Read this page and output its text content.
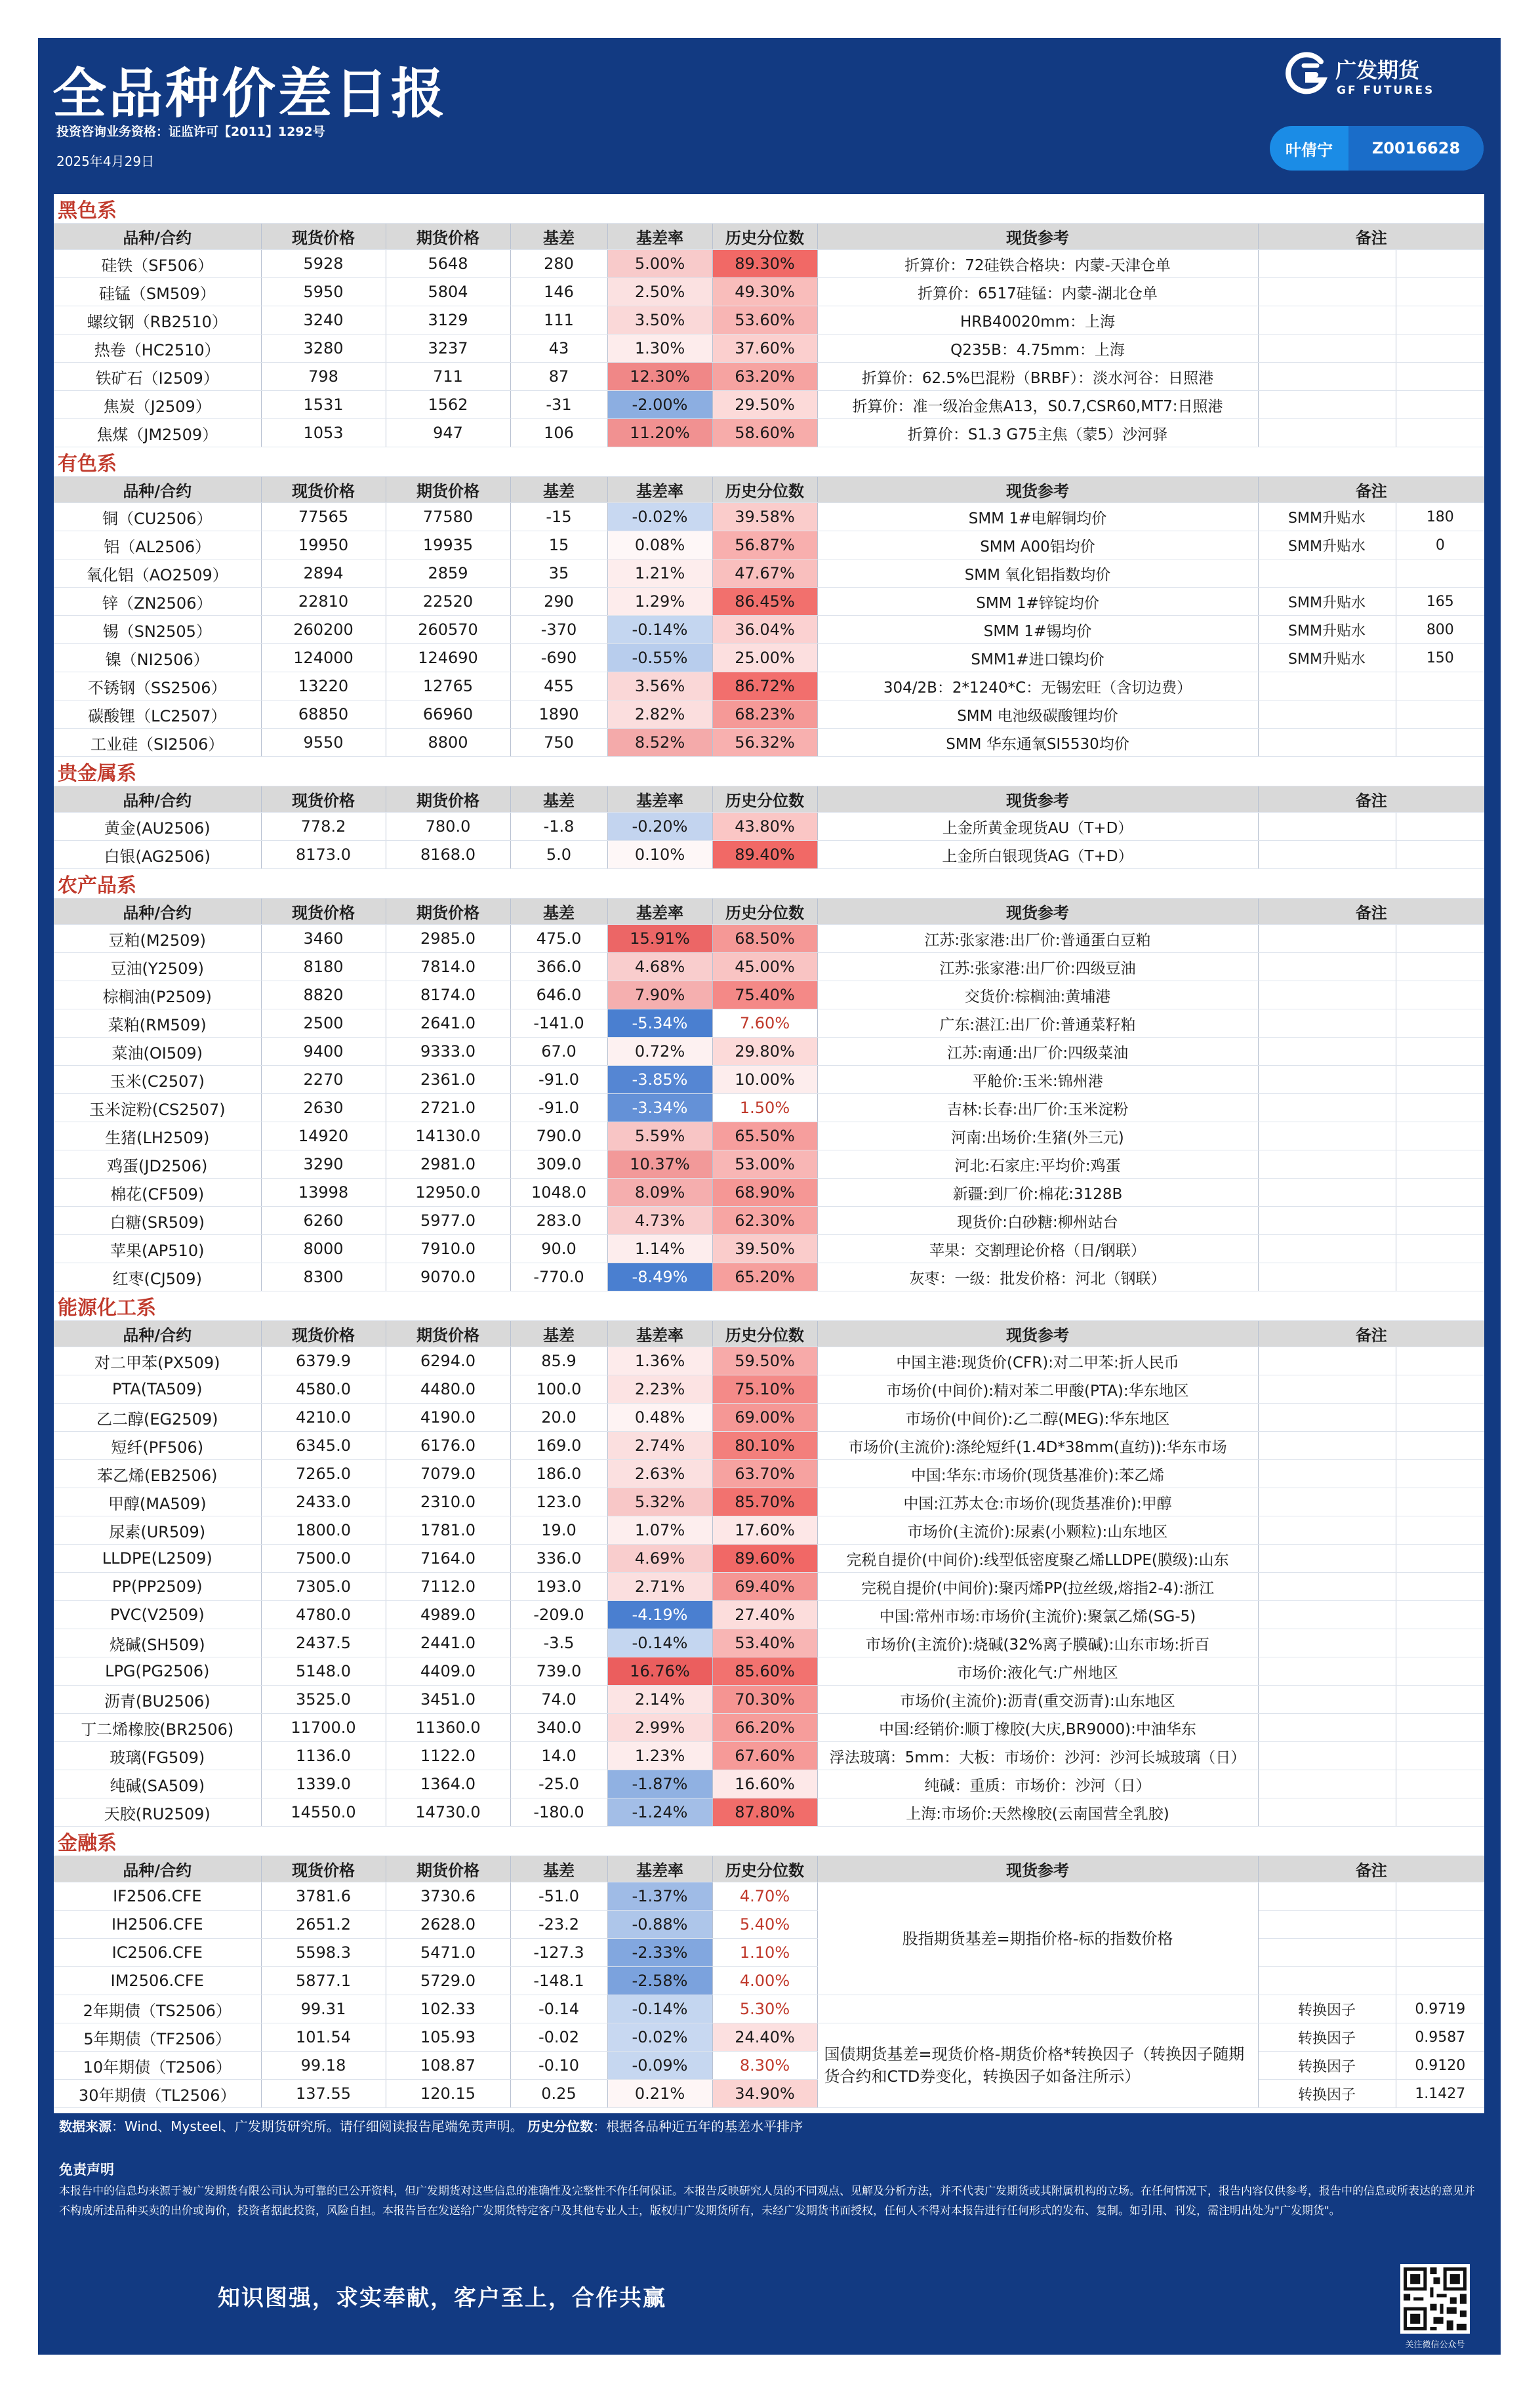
全品种价差日报
投资咨询业务资格：证监许可【2011】1292号
2025年4月29日
广发期货
GF FUTURES
叶倩宁	Z0016628
黑色系								
品种/合约	现货价格	期货价格	基差	基差率	历史分位数	现货参考	备注	
硅铁（SF506）	5928	5648	280	5.00%	89.30%	折算价：72硅铁合格块：内蒙-天津仓单		
硅锰（SM509）	5950	5804	146	2.50%	49.30%	折算价：6517硅锰：内蒙-湖北仓单		
螺纹钢（RB2510）	3240	3129	111	3.50%	53.60%	HRB40020mm：上海		
热卷（HC2510）	3280	3237	43	1.30%	37.60%	Q235B：4.75mm：上海		
铁矿石（I2509）	798	711	87	12.30%	63.20%	折算价：62.5%巴混粉（BRBF）：淡水河谷：日照港		
焦炭（J2509）	1531	1562	-31	-2.00%	29.50%	折算价：准一级冶金焦A13，S0.7,CSR60,MT7:日照港		
焦煤（JM2509）	1053	947	106	11.20%	58.60%	折算价：S1.3 G75主焦（蒙5）沙河驿		
有色系								
品种/合约	现货价格	期货价格	基差	基差率	历史分位数	现货参考	备注	
铜（CU2506）	77565	77580	-15	-0.02%	39.58%	SMM 1#电解铜均价	SMM升贴水	180
铝（AL2506）	19950	19935	15	0.08%	56.87%	SMM A00铝均价	SMM升贴水	0
氧化铝（AO2509）	2894	2859	35	1.21%	47.67%	SMM 氧化铝指数均价		
锌（ZN2506）	22810	22520	290	1.29%	86.45%	SMM 1#锌锭均价	SMM升贴水	165
锡（SN2505）	260200	260570	-370	-0.14%	36.04%	SMM 1#锡均价	SMM升贴水	800
镍（NI2506）	124000	124690	-690	-0.55%	25.00%	SMM1#进口镍均价	SMM升贴水	150
不锈钢（SS2506）	13220	12765	455	3.56%	86.72%	304/2B：2*1240*C：无锡宏旺（含切边费）		
碳酸锂（LC2507）	68850	66960	1890	2.82%	68.23%	SMM 电池级碳酸锂均价		
工业硅（SI2506）	9550	8800	750	8.52%	56.32%	SMM 华东通氧SI5530均价		
贵金属系								
品种/合约	现货价格	期货价格	基差	基差率	历史分位数	现货参考	备注	
黄金(AU2506)	778.2	780.0	-1.8	-0.20%	43.80%	上金所黄金现货AU（T+D）		
白银(AG2506)	8173.0	8168.0	5.0	0.10%	89.40%	上金所白银现货AG（T+D）		
农产品系								
品种/合约	现货价格	期货价格	基差	基差率	历史分位数	现货参考	备注	
豆粕(M2509)	3460	2985.0	475.0	15.91%	68.50%	江苏:张家港:出厂价:普通蛋白豆粕		
豆油(Y2509)	8180	7814.0	366.0	4.68%	45.00%	江苏:张家港:出厂价:四级豆油		
棕榈油(P2509)	8820	8174.0	646.0	7.90%	75.40%	交货价:棕榈油:黄埔港		
菜粕(RM509)	2500	2641.0	-141.0	-5.34%	7.60%	广东:湛江:出厂价:普通菜籽粕		
菜油(OI509)	9400	9333.0	67.0	0.72%	29.80%	江苏:南通:出厂价:四级菜油		
玉米(C2507)	2270	2361.0	-91.0	-3.85%	10.00%	平舱价:玉米:锦州港		
玉米淀粉(CS2507)	2630	2721.0	-91.0	-3.34%	1.50%	吉林:长春:出厂价:玉米淀粉		
生猪(LH2509)	14920	14130.0	790.0	5.59%	65.50%	河南:出场价:生猪(外三元)		
鸡蛋(JD2506)	3290	2981.0	309.0	10.37%	53.00%	河北:石家庄:平均价:鸡蛋		
棉花(CF509)	13998	12950.0	1048.0	8.09%	68.90%	新疆:到厂价:棉花:3128B		
白糖(SR509)	6260	5977.0	283.0	4.73%	62.30%	现货价:白砂糖:柳州站台		
苹果(AP510)	8000	7910.0	90.0	1.14%	39.50%	苹果：交割理论价格（日/钢联）		
红枣(CJ509)	8300	9070.0	-770.0	-8.49%	65.20%	灰枣：一级：批发价格：河北（钢联）		
能源化工系								
品种/合约	现货价格	期货价格	基差	基差率	历史分位数	现货参考	备注	
对二甲苯(PX509)	6379.9	6294.0	85.9	1.36%	59.50%	中国主港:现货价(CFR):对二甲苯:折人民币		
PTA(TA509)	4580.0	4480.0	100.0	2.23%	75.10%	市场价(中间价):精对苯二甲酸(PTA):华东地区		
乙二醇(EG2509)	4210.0	4190.0	20.0	0.48%	69.00%	市场价(中间价):乙二醇(MEG):华东地区		
短纤(PF506)	6345.0	6176.0	169.0	2.74%	80.10%	市场价(主流价):涤纶短纤(1.4D*38mm(直纺)):华东市场		
苯乙烯(EB2506)	7265.0	7079.0	186.0	2.63%	63.70%	中国:华东:市场价(现货基准价):苯乙烯		
甲醇(MA509)	2433.0	2310.0	123.0	5.32%	85.70%	中国:江苏太仓:市场价(现货基准价):甲醇		
尿素(UR509)	1800.0	1781.0	19.0	1.07%	17.60%	市场价(主流价):尿素(小颗粒):山东地区		
LLDPE(L2509)	7500.0	7164.0	336.0	4.69%	89.60%	完税自提价(中间价):线型低密度聚乙烯LLDPE(膜级):山东		
PP(PP2509)	7305.0	7112.0	193.0	2.71%	69.40%	完税自提价(中间价):聚丙烯PP(拉丝级,熔指2-4):浙江		
PVC(V2509)	4780.0	4989.0	-209.0	-4.19%	27.40%	中国:常州市场:市场价(主流价):聚氯乙烯(SG-5)		
烧碱(SH509)	2437.5	2441.0	-3.5	-0.14%	53.40%	市场价(主流价):烧碱(32%离子膜碱):山东市场:折百		
LPG(PG2506)	5148.0	4409.0	739.0	16.76%	85.60%	市场价:液化气:广州地区		
沥青(BU2506)	3525.0	3451.0	74.0	2.14%	70.30%	市场价(主流价):沥青(重交沥青):山东地区		
丁二烯橡胶(BR2506)	11700.0	11360.0	340.0	2.99%	66.20%	中国:经销价:顺丁橡胶(大庆,BR9000):中油华东		
玻璃(FG509)	1136.0	1122.0	14.0	1.23%	67.60%	浮法玻璃：5mm：大板：市场价：沙河：沙河长城玻璃（日）		
纯碱(SA509)	1339.0	1364.0	-25.0	-1.87%	16.60%	纯碱：重质：市场价：沙河（日）		
天胶(RU2509)	14550.0	14730.0	-180.0	-1.24%	87.80%	上海:市场价:天然橡胶(云南国营全乳胶)		
金融系								
品种/合约	现货价格	期货价格	基差	基差率	历史分位数	现货参考	备注	
IF2506.CFE	3781.6	3730.6	-51.0	-1.37%	4.70%	股指期货基差=期指价格-标的指数价格		
IH2506.CFE	2651.2	2628.0	-23.2	-0.88%	5.40%			
IC2506.CFE	5598.3	5471.0	-127.3	-2.33%	1.10%			
IM2506.CFE	5877.1	5729.0	-148.1	-2.58%	4.00%			
2年期债（TS2506）	99.31	102.33	-0.14	-0.14%	5.30%		转换因子	0.9719
5年期债（TF2506）	101.54	105.93	-0.02	-0.02%	24.40%	国债期货基差=现货价格-期货价格*转换因子（转换因子随期货合约和CTD券变化，转换因子如备注所示）	转换因子	0.9587
10年期债（T2506）	99.18	108.87	-0.10	-0.09%	8.30%		转换因子	0.9120
30年期债（TL2506）	137.55	120.15	0.25	0.21%	34.90%		转换因子	1.1427
数据来源：Wind、Mysteel、广发期货研究所。请仔细阅读报告尾端免责声明。 历史分位数：根据各品种近五年的基差水平排序
免责声明
本报告中的信息均来源于被广发期货有限公司认为可靠的已公开资料，但广发期货对这些信息的准确性及完整性不作任何保证。本报告反映研究人员的不同观点、见解及分析方法，并不代表广发期货或其附属机构的立场。在任何情况下，报告内容仅供参考，报告中的信息或所表达的意见并不构成所述品种买卖的出价或询价，投资者据此投资，风险自担。本报告旨在发送给广发期货特定客户及其他专业人士，版权归广发期货所有，未经广发期货书面授权，任何人不得对本报告进行任何形式的发布、复制。如引用、刊发，需注明出处为"广发期货"。
知识图强，求实奉献，客户至上，合作共赢
关注微信公众号
